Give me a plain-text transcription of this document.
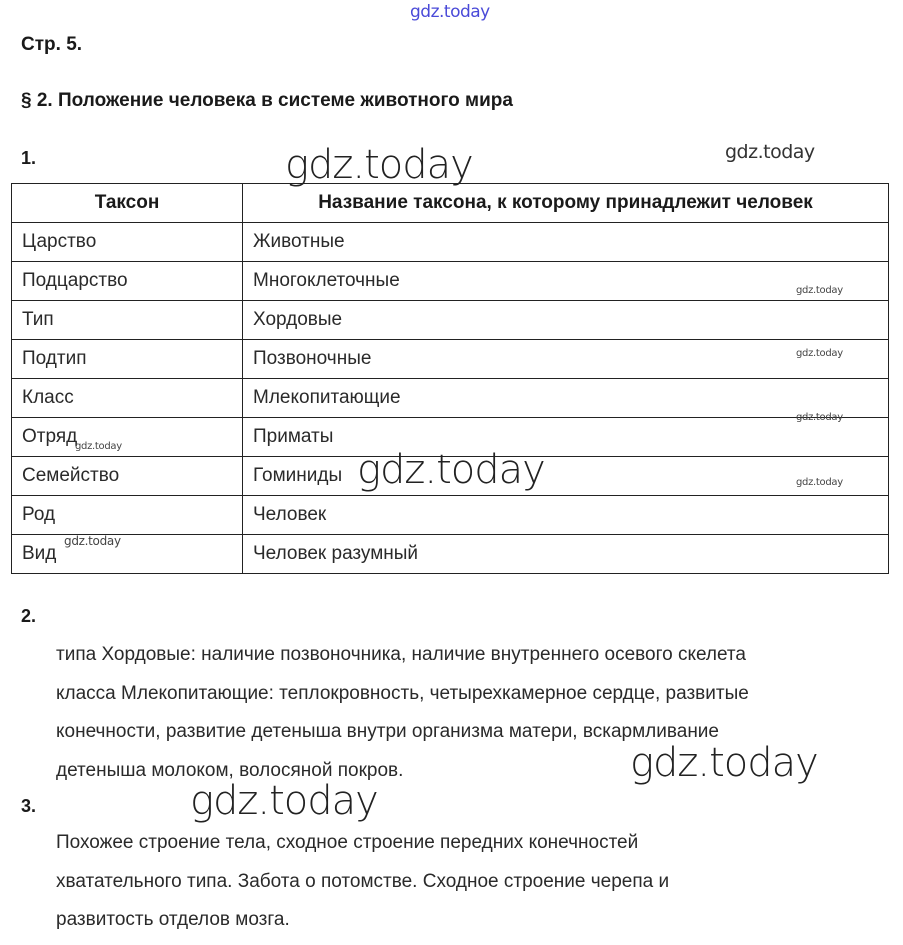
gdz.today
Стр. 5.
§ 2. Положение человека в системе животного мира
1.	gdz.today	gdz.today
Таксон	Название таксона, к которому принадлежит человек
Царство	Животные
Подцарство	Многоклеточные
Тип	Хордовые
Подтип	Позвоночные
Класс	Млекопитающие
Отряд	Приматы
Семейство	Гоминиды
Род	Человек
Вид	Человек разумный
gdz.today
gdz.today
gdz.today
gdz.today
gdz.today	gdz.today
gdz.today
2.
типа Хордовые: наличие позвоночника, наличие внутреннего осевого скелета
класса Млекопитающие: теплокровность, четырехкамерное сердце, развитые
конечности, развитие детеныша внутри организма матери, вскармливание
детеныша молоком, волосяной покров.	gdz.today
3.	gdz.today
Похожее строение тела, сходное строение передних конечностей
хватательного типа. Забота о потомстве. Сходное строение черепа и
развитость отделов мозга.
